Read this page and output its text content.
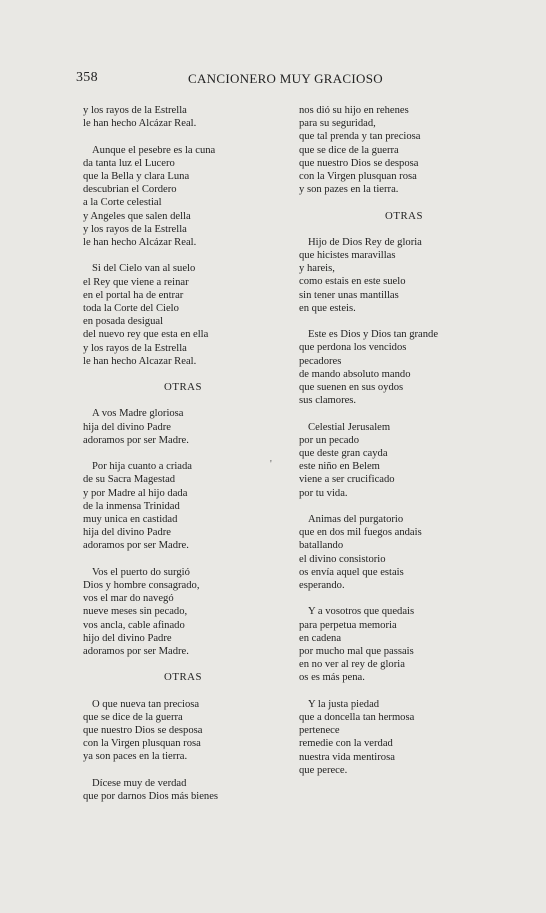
358	CANCIONERO MUY GRACIOSO
y los rayos de la Estrella
le han hecho Alcázar Real.
Aunque el pesebre es la cuna
da tanta luz el Lucero
que la Bella y clara Luna
descubrian el Cordero
a la Corte celestial
y Angeles que salen della
y los rayos de la Estrella
le han hecho Alcázar Real.
Si del Cielo van al suelo
el Rey que viene a reinar
en el portal ha de entrar
toda la Corte del Cielo
en posada desigual
del nuevo rey que esta en ella
y los rayos de la Estrella
le han hecho Alcazar Real.
OTRAS
A vos Madre gloriosa
hija del divino Padre
adoramos por ser Madre.
Por hija cuanto a criada
de su Sacra Magestad
y por Madre al hijo dada
de la inmensa Trinidad
muy unica en castidad
hija del divino Padre
adoramos por ser Madre.
Vos el puerto do surgió
Dios y hombre consagrado,
vos el mar do navegó
nueve meses sin pecado,
vos ancla, cable afinado
hijo del divino Padre
adoramos por ser Madre.
OTRAS
O que nueva tan preciosa
que se dice de la guerra
que nuestro Dios se desposa
con la Virgen plusquan rosa
ya son paces en la tierra.
Dícese muy de verdad
que por darnos Dios más bienes
nos dió su hijo en rehenes
para su seguridad,
que tal prenda y tan preciosa
que se dice de la guerra
que nuestro Dios se desposa
con la Virgen plusquan rosa
y son pazes en la tierra.
OTRAS
Hijo de Dios Rey de gloria
que hicistes maravillas
y hareis,
como estais en este suelo
sin tener unas mantillas
en que esteis.
Este es Dios y Dios tan grande
que perdona los vencidos
pecadores
de mando absoluto mando
que suenen en sus oydos
sus clamores.
Celestial Jerusalem
por un pecado
que deste gran cayda
este niño en Belem
viene a ser crucificado
por tu vida.
Animas del purgatorio
que en dos mil fuegos andais
batallando
el divino consistorio
os envía aquel que estais
esperando.
Y a vosotros que quedais
para perpetua memoria
en cadena
por mucho mal que passais
en no ver al rey de gloria
os es más pena.
Y la justa piedad
que a doncella tan hermosa
pertenece
remedie con la verdad
nuestra vida mentirosa
que perece.
'
